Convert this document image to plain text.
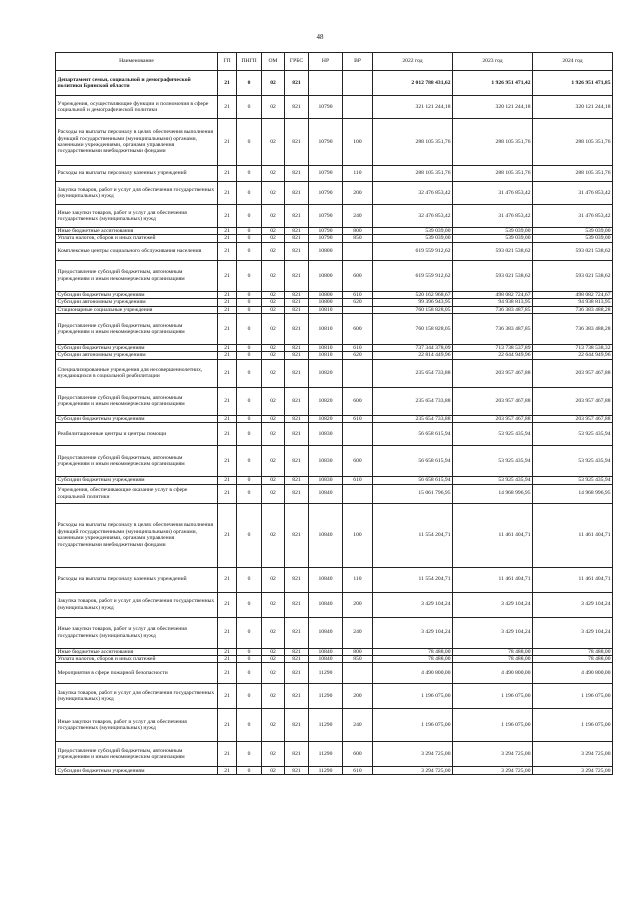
48
Наименование	ГП	ПНГП	ОМ	ГРБС	НР	ВР	2022 год	2023 год	2024 год
Департамент семьи, социальной и демографической политики Брянской области	21	0	02	821			2 012 788 431,62	1 926 951 471,42	1 926 951 471,85
Учреждения, осуществляющие функции и полномочия в сфере социальной и демографической политики	21	0	02	821	10790		321 121 244,18	320 121 244,18	320 121 244,18
Расходы на выплаты персоналу в целях обеспечения выполнения функций государственными (муниципальными) органами, казенными учреждениями, органами управления государственными внебюджетными фондами	21	0	02	821	10790	100	288 105 351,76	288 105 351,76	288 105 351,76
Расходы на выплаты персоналу казенных учреждений	21	0	02	821	10790	110	288 105 351,76	288 105 351,76	288 105 351,76
Закупка товаров, работ и услуг для обеспечения государственных (муниципальных) нужд	21	0	02	821	10790	200	32 476 853,42	31 476 853,42	31 476 853,42
Иные закупки товаров, работ и услуг для обеспечения государственных (муниципальных) нужд	21	0	02	821	10790	240	32 476 853,42	31 476 853,42	31 476 853,42
Иные бюджетные ассигнования	21	0	02	821	10790	800	539 039,00	539 039,00	539 039,00
Уплата налогов, сборов и иных платежей	21	0	02	821	10790	850	539 039,00	539 039,00	539 039,00
Комплексные центры социального обслуживания населения	21	0	02	821	10800		619 559 912,62	593 021 538,62	593 021 538,62
Предоставление субсидий бюджетным, автономным учреждениям и иным некоммерческим организациям	21	0	02	821	10800	600	619 559 912,62	593 021 538,62	593 021 538,62
Субсидии бюджетным учреждениям	21	0	02	821	10800	610	520 162 968,67	498 082 724,67	498 082 724,67
Субсидии автономным учреждениям	21	0	02	821	10800	620	99 396 943,95	94 938 813,95	94 938 813,95
Стационарные социальные учреждения	21	0	02	821	10810		760 158 828,05	736 383 487,85	736 383 488,28
Предоставление субсидий бюджетным, автономным учреждениям и иным некоммерческим организациям	21	0	02	821	10810	600	760 158 828,05	736 383 487,85	736 383 488,28
Субсидии бюджетным учреждениям	21	0	02	821	10810	610	737 344 378,09	713 738 537,89	713 738 538,32
Субсидии автономным учреждениям	21	0	02	821	10810	620	22 814 449,96	22 644 949,96	22 644 949,96
Специализированные учреждения для несовершеннолетних, нуждающихся в социальной реабилитации	21	0	02	821	10820		235 654 733,88	203 957 467,88	203 957 467,88
Предоставление субсидий бюджетным, автономным учреждениям и иным некоммерческим организациям	21	0	02	821	10820	600	235 654 733,88	203 957 467,88	203 957 467,88
Субсидии бюджетным учреждениям	21	0	02	821	10820	610	235 654 733,88	203 957 467,88	203 957 467,88
Реабилитационные центры и центры помощи	21	0	02	821	10830		56 658 615,94	53 925 435,94	53 925 435,94
Предоставление субсидий бюджетным, автономным учреждениям и иным некоммерческим организациям	21	0	02	821	10830	600	56 658 615,94	53 925 435,94	53 925 435,94
Субсидии бюджетным учреждениям	21	0	02	821	10830	610	56 658 615,94	53 925 435,94	53 925 435,94
Учреждения, обеспечивающие оказание услуг в сфере социальной политики	21	0	02	821	10840		15 061 796,95	14 968 996,95	14 968 996,95
Расходы на выплаты персоналу в целях обеспечения выполнения функций государственными (муниципальными) органами, казенными учреждениями, органами управления государственными внебюджетными фондами	21	0	02	821	10840	100	11 554 204,71	11 461 404,71	11 461 404,71
Расходы на выплаты персоналу казенных учреждений	21	0	02	821	10840	110	11 554 204,71	11 461 404,71	11 461 404,71
Закупка товаров, работ и услуг для обеспечения государственных (муниципальных) нужд	21	0	02	821	10840	200	3 429 104,24	3 429 104,24	3 429 104,24
Иные закупки товаров, работ и услуг для обеспечения государственных (муниципальных) нужд	21	0	02	821	10840	240	3 429 104,24	3 429 104,24	3 429 104,24
Иные бюджетные ассигнования	21	0	02	821	10840	800	78 488,00	78 488,00	78 488,00
Уплата налогов, сборов и иных платежей	21	0	02	821	10840	850	78 488,00	78 488,00	78 488,00
Мероприятия в сфере пожарной безопасности	21	0	02	821	11290		4 490 800,00	4 490 800,00	4 490 800,00
Закупка товаров, работ и услуг для обеспечения государственных (муниципальных) нужд	21	0	02	821	11290	200	1 196 075,00	1 196 075,00	1 196 075,00
Иные закупки товаров, работ и услуг для обеспечения государственных (муниципальных) нужд	21	0	02	821	11290	240	1 196 075,00	1 196 075,00	1 196 075,00
Предоставление субсидий бюджетным, автономным учреждениям и иным некоммерческим организациям	21	0	02	821	11290	600	3 294 725,00	3 294 725,00	3 294 725,00
Субсидии бюджетным учреждениям	21	0	02	821	11290	610	3 294 725,00	3 294 725,00	3 294 725,00
